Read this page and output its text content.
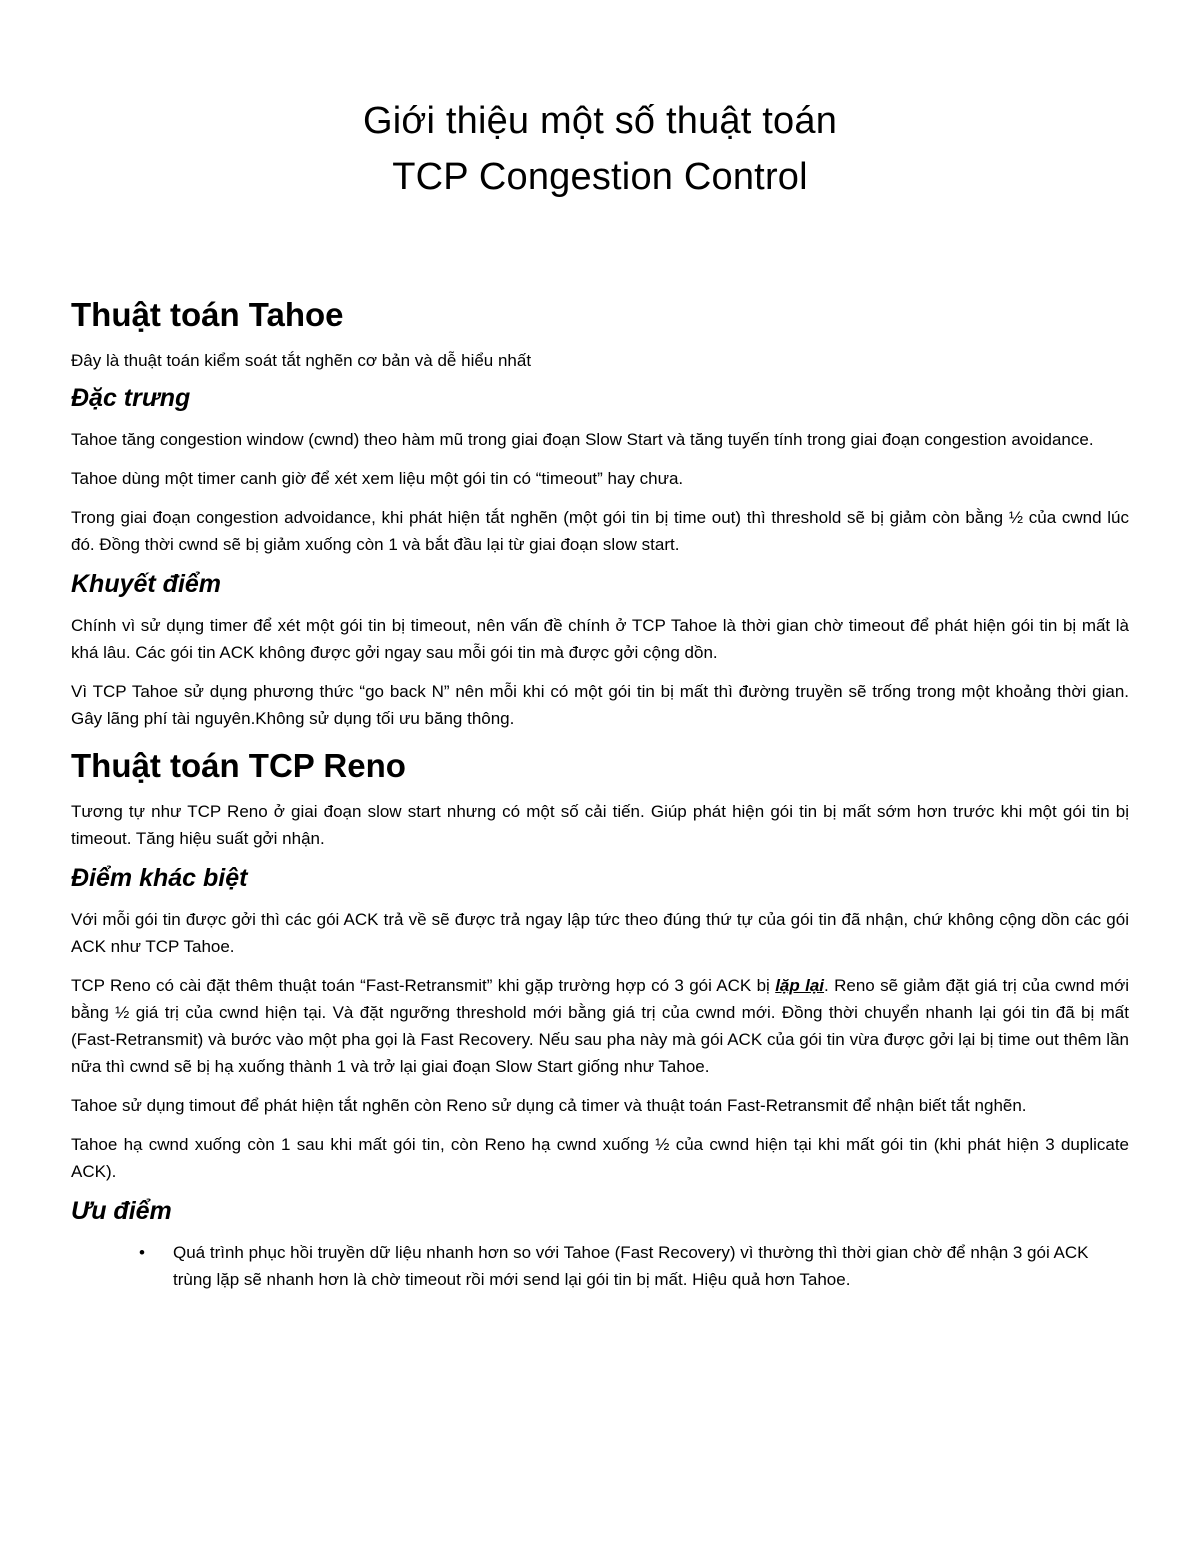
Giới thiệu một số thuật toán
TCP Congestion Control
Thuật toán Tahoe

Đây là thuật toán kiểm soát tắt nghẽn cơ bản và dễ hiểu nhất

Đặc trưng

Tahoe tăng congestion window (cwnd) theo hàm mũ trong giai đoạn Slow Start và tăng tuyến tính trong giai đoạn congestion avoidance.

Tahoe dùng một timer canh giờ để xét xem liệu một gói tin có “timeout” hay chưa.

Trong giai đoạn congestion advoidance, khi phát hiện tắt nghẽn (một gói tin bị time out) thì threshold sẽ bị giảm còn bằng ½ của cwnd lúc đó. Đồng thời cwnd sẽ bị giảm xuống còn 1 và bắt đầu lại từ giai đoạn slow start.

Khuyết điểm

Chính vì sử dụng timer để xét một gói tin bị timeout, nên vấn đề chính ở TCP Tahoe là thời gian chờ timeout để phát hiện gói tin bị mất là khá lâu. Các gói tin ACK không được gởi ngay sau mỗi gói tin mà được gởi cộng dồn.

Vì TCP Tahoe sử dụng phương thức “go back N” nên mỗi khi có một gói tin bị mất thì đường truyền sẽ trống trong một khoảng thời gian. Gây lãng phí tài nguyên.Không sử dụng tối ưu băng thông.

Thuật toán TCP Reno

Tương tự như TCP Reno ở giai đoạn slow start nhưng có một số cải tiến. Giúp phát hiện gói tin bị mất sớm hơn trước khi một gói tin bị timeout. Tăng hiệu suất gởi nhận.

Điểm khác biệt

Với mỗi gói tin được gởi thì các gói ACK trả về sẽ được trả ngay lập tức theo đúng thứ tự của gói tin đã nhận, chứ không cộng dồn các gói ACK như TCP Tahoe.

TCP Reno có cài đặt thêm thuật toán “Fast-Retransmit” khi gặp trường hợp có 3 gói ACK bị lặp lại. Reno sẽ giảm đặt giá trị của cwnd mới bằng ½ giá trị của cwnd hiện tại. Và đặt ngưỡng threshold mới bằng giá trị của cwnd mới. Đồng thời chuyển nhanh lại gói tin đã bị mất (Fast-Retransmit) và bước vào một pha gọi là Fast Recovery. Nếu sau pha này mà gói ACK của gói tin vừa được gởi lại bị time out thêm lần nữa thì cwnd sẽ bị hạ xuống thành 1 và trở lại giai đoạn Slow Start giống như Tahoe.

Tahoe sử dụng timout để phát hiện tắt nghẽn còn Reno sử dụng cả timer và thuật toán Fast-Retransmit để nhận biết tắt nghẽn.

Tahoe hạ cwnd xuống còn 1 sau khi mất gói tin, còn Reno hạ cwnd xuống ½ của cwnd hiện tại khi mất gói tin (khi phát hiện 3 duplicate ACK).

Ưu điểm
• Quá trình phục hồi truyền dữ liệu nhanh hơn so với Tahoe (Fast Recovery) vì thường thì thời gian chờ để nhận 3 gói ACK trùng lặp sẽ nhanh hơn là chờ timeout rồi mới send lại gói tin bị mất. Hiệu quả hơn Tahoe.
